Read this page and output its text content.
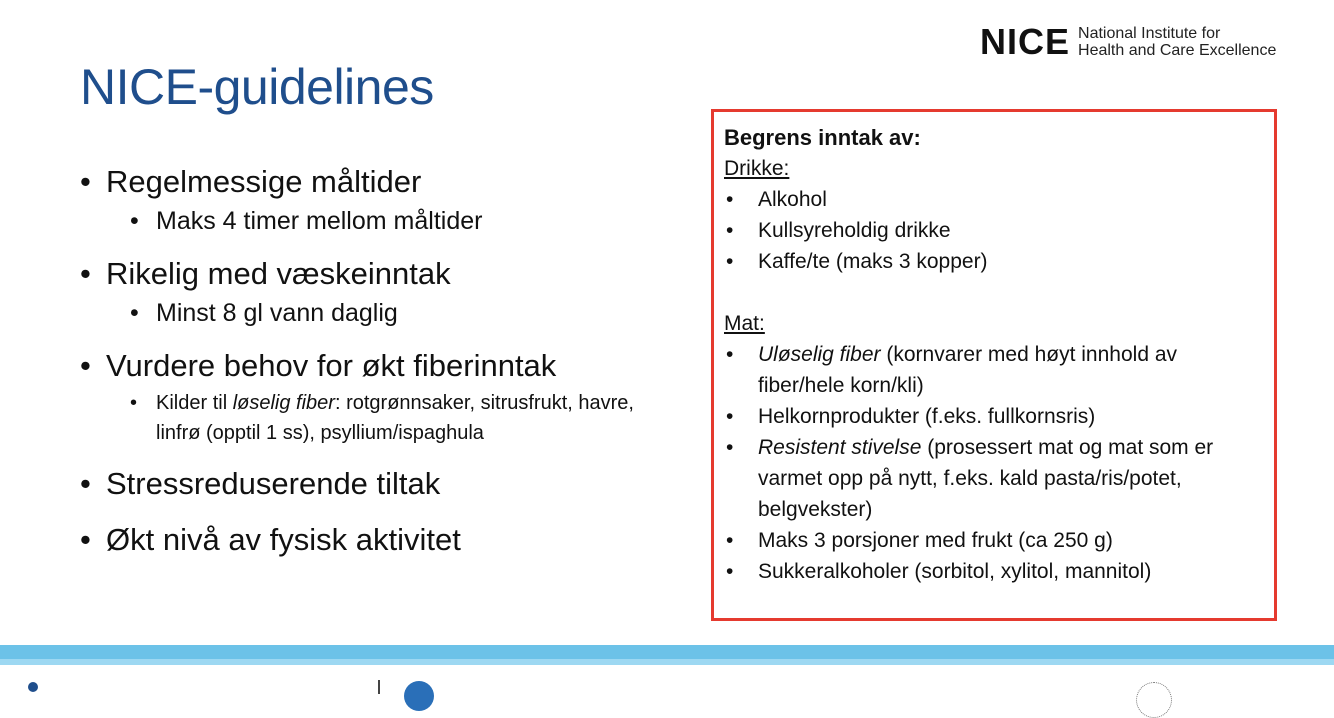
NICE-guidelines
NICE National Institute for
Health and Care Excellence
• Regelmessige måltider
• Maks 4 timer mellom måltider
• Rikelig med væskeinntak
• Minst 8 gl vann daglig
• Vurdere behov for økt fiberinntak
• Kilder til løselig fiber: rotgrønnsaker, sitrusfrukt, havre, linfrø (opptil 1 ss), psyllium/ispaghula
• Stressreduserende tiltak
• Økt nivå av fysisk aktivitet
Begrens inntak av:
Drikke:
• Alkohol
• Kullsyreholdig drikke
• Kaffe/te (maks 3 kopper)
Mat:
• Uløselig fiber (kornvarer med høyt innhold av fiber/hele korn/kli)
• Helkornprodukter (f.eks. fullkornsris)
• Resistent stivelse (prosessert mat og mat som er varmet opp på nytt, f.eks. kald pasta/ris/potet, belgvekster)
• Maks 3 porsjoner med frukt (ca 250 g)
• Sukkeralkoholer (sorbitol, xylitol, mannitol)
